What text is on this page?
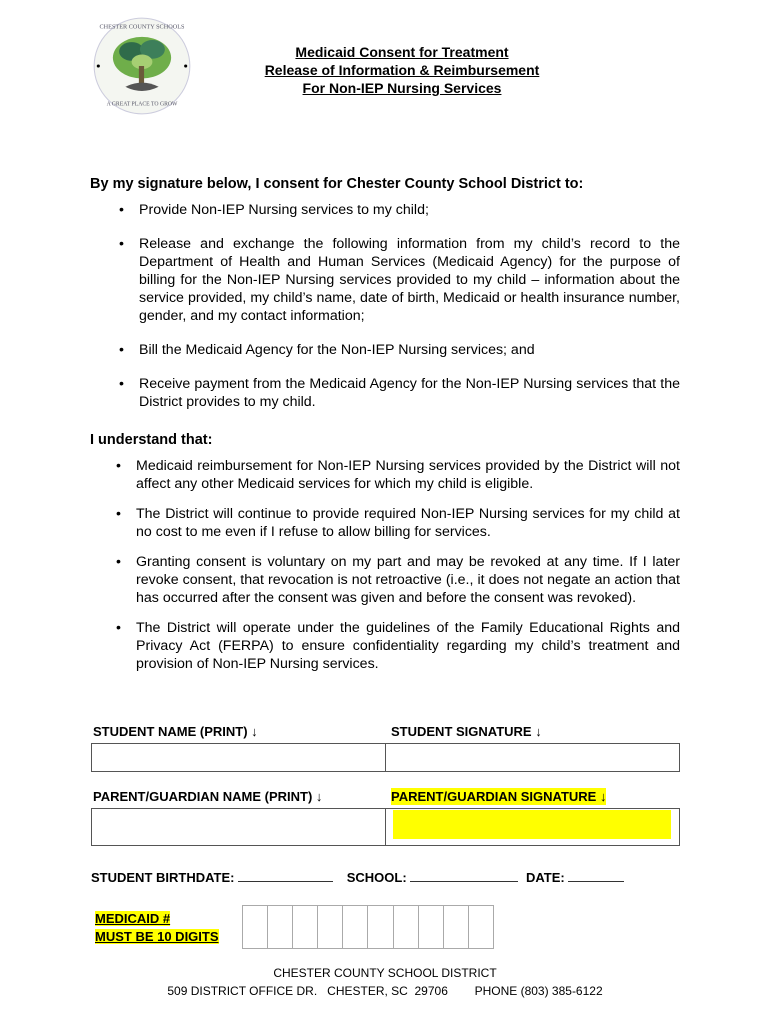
CHESTER COUNTY SCHOOLS
A GREAT PLACE TO GROW
Medicaid Consent for Treatment
Release of Information & Reimbursement
For Non-IEP Nursing Services
By my signature below, I consent for Chester County School District to:
• Provide Non-IEP Nursing services to my child;
• Release and exchange the following information from my child’s record to the Department of Health and Human Services (Medicaid Agency) for the purpose of billing for the Non-IEP Nursing services provided to my child – information about the service provided, my child’s name, date of birth, Medicaid or health insurance number, gender, and my contact information;
• Bill the Medicaid Agency for the Non-IEP Nursing services; and
• Receive payment from the Medicaid Agency for the Non-IEP Nursing services that the District provides to my child.
I understand that:
• Medicaid reimbursement for Non-IEP Nursing services provided by the District will not affect any other Medicaid services for which my child is eligible.
• The District will continue to provide required Non-IEP Nursing services for my child at no cost to me even if I refuse to allow billing for services.
• Granting consent is voluntary on my part and may be revoked at any time. If I later revoke consent, that revocation is not retroactive (i.e., it does not negate an action that has occurred after the consent was given and before the consent was revoked).
• The District will operate under the guidelines of the Family Educational Rights and Privacy Act (FERPA) to ensure confidentiality regarding my child’s treatment and provision of Non-IEP Nursing services.
STUDENT NAME (PRINT) ↓	STUDENT SIGNATURE ↓
PARENT/GUARDIAN NAME (PRINT) ↓	PARENT/GUARDIAN SIGNATURE ↓
STUDENT BIRTHDATE:	SCHOOL:	DATE:
MEDICAID #
MUST BE 10 DIGITS
CHESTER COUNTY SCHOOL DISTRICT
509 DISTRICT OFFICE DR.   CHESTER, SC  29706 PHONE (803) 385-6122
